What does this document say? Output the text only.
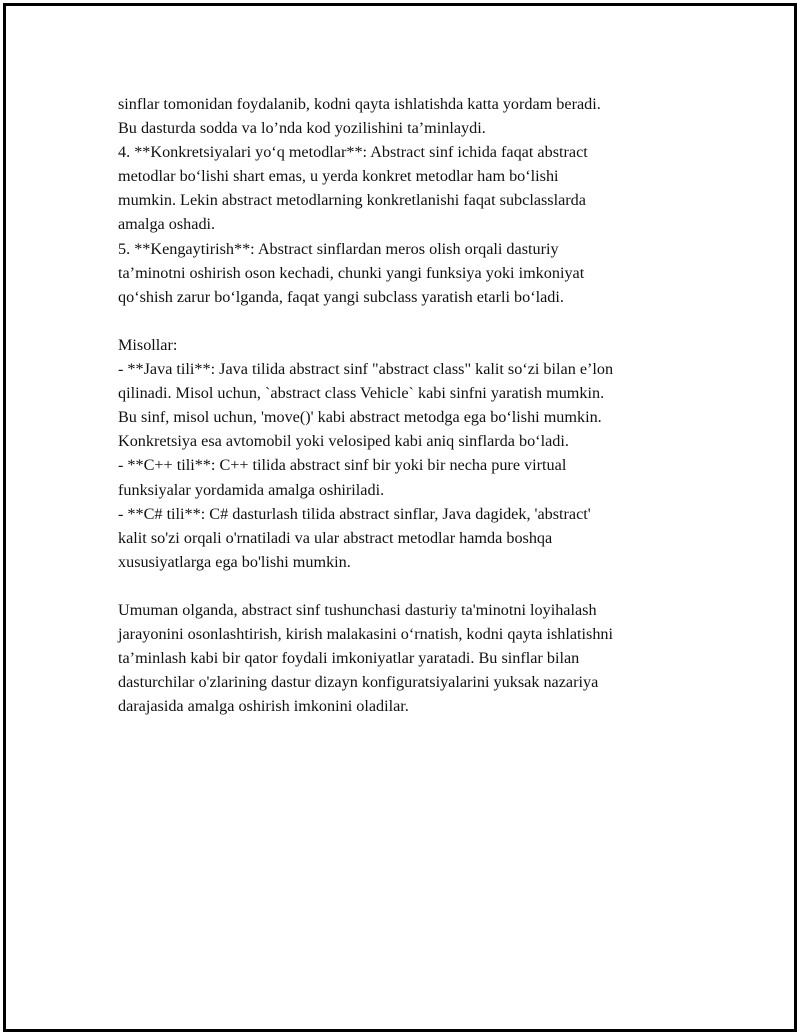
sinflar tomonidan foydalanib, kodni qayta ishlatishda katta yordam beradi.
Bu dasturda sodda va lo’nda kod yozilishini ta’minlaydi.
4. **Konkretsiyalari yo‘q metodlar**: Abstract sinf ichida faqat abstract
metodlar bo‘lishi shart emas, u yerda konkret metodlar ham bo‘lishi
mumkin. Lekin abstract metodlarning konkretlanishi faqat subclasslarda
amalga oshadi.
5. **Kengaytirish**: Abstract sinflardan meros olish orqali dasturiy
ta’minotni oshirish oson kechadi, chunki yangi funksiya yoki imkoniyat
qo‘shish zarur bo‘lganda, faqat yangi subclass yaratish etarli bo‘ladi.
Misollar:
- **Java tili**: Java tilida abstract sinf "abstract class" kalit so‘zi bilan e’lon
qilinadi. Misol uchun, `abstract class Vehicle` kabi sinfni yaratish mumkin.
Bu sinf, misol uchun, 'move()' kabi abstract metodga ega bo‘lishi mumkin.
Konkretsiya esa avtomobil yoki velosiped kabi aniq sinflarda bo‘ladi.
- **C++ tili**: C++ tilida abstract sinf bir yoki bir necha pure virtual
funksiyalar yordamida amalga oshiriladi.
- **C# tili**: C# dasturlash tilida abstract sinflar, Java dagidek, 'abstract'
kalit so'zi orqali o'rnatiladi va ular abstract metodlar hamda boshqa
xususiyatlarga ega bo'lishi mumkin.
Umuman olganda, abstract sinf tushunchasi dasturiy ta'minotni loyihalash
jarayonini osonlashtirish, kirish malakasini o‘rnatish, kodni qayta ishlatishni
ta’minlash kabi bir qator foydali imkoniyatlar yaratadi. Bu sinflar bilan
dasturchilar o'zlarining dastur dizayn konfiguratsiyalarini yuksak nazariya
darajasida amalga oshirish imkonini oladilar.
